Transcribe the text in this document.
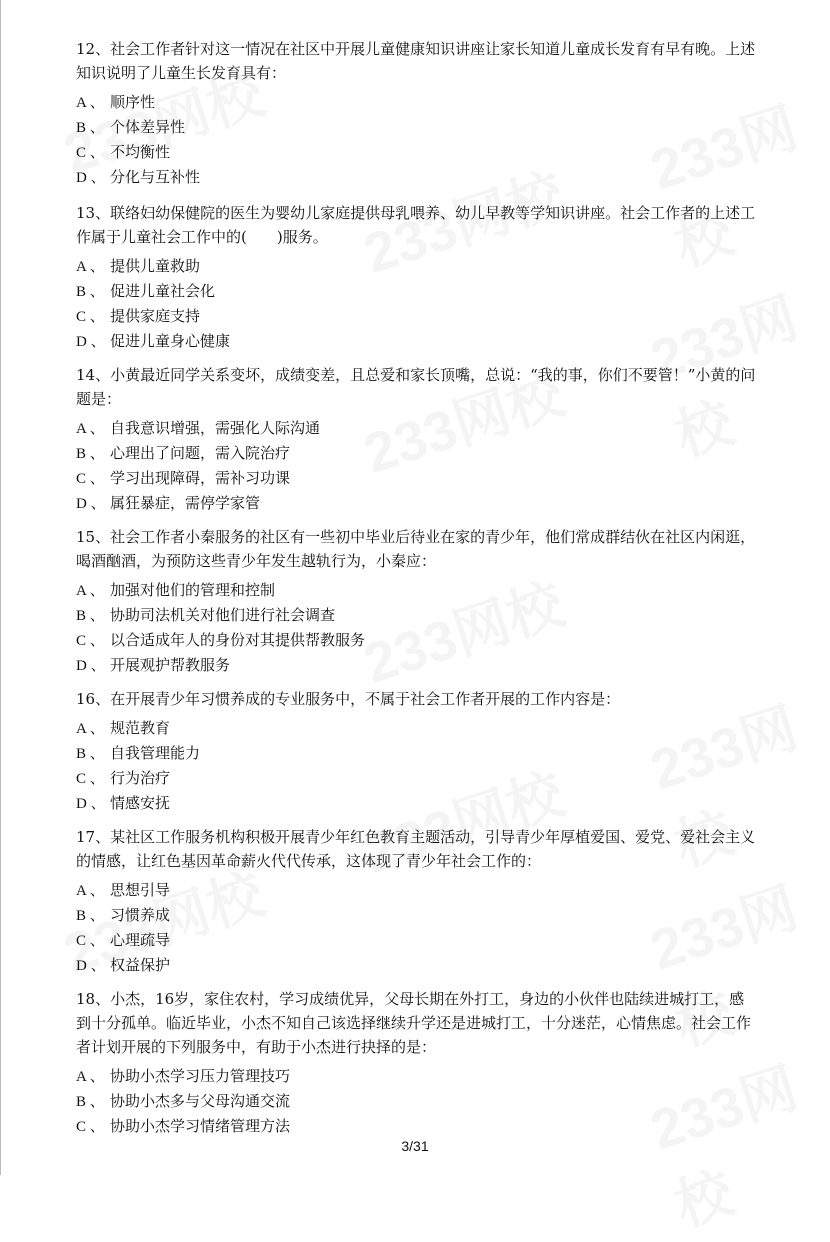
12、社会工作者针对这一情况在社区中开展儿童健康知识讲座让家长知道儿童成长发育有早有晚。上述知识说明了儿童生长发育具有：
A 、 顺序性
B 、 个体差异性
C 、 不均衡性
D 、 分化与互补性
13、联络妇幼保健院的医生为婴幼儿家庭提供母乳喂养、幼儿早教等学知识讲座。社会工作者的上述工作属于儿童社会工作中的(　　)服务。
A 、 提供儿童救助
B 、 促进儿童社会化
C 、 提供家庭支持
D 、 促进儿童身心健康
14、小黄最近同学关系变坏，成绩变差，且总爱和家长顶嘴，总说：“我的事，你们不要管！”小黄的问题是：
A 、 自我意识增强，需强化人际沟通
B 、 心理出了问题，需入院治疗
C 、 学习出现障碍，需补习功课
D 、 属狂暴症，需停学家管
15、社会工作者小秦服务的社区有一些初中毕业后待业在家的青少年，他们常成群结伙在社区内闲逛，喝酒酗酒，为预防这些青少年发生越轨行为，小秦应：
A 、 加强对他们的管理和控制
B 、 协助司法机关对他们进行社会调查
C 、 以合适成年人的身份对其提供帮教服务
D 、 开展观护帮教服务
16、在开展青少年习惯养成的专业服务中，不属于社会工作者开展的工作内容是：
A 、 规范教育
B 、 自我管理能力
C 、 行为治疗
D 、 情感安抚
17、某社区工作服务机构积极开展青少年红色教育主题活动，引导青少年厚植爱国、爱党、爱社会主义的情感，让红色基因革命薪火代代传承，这体现了青少年社会工作的：
A 、 思想引导
B 、 习惯养成
C 、 心理疏导
D 、 权益保护
18、小杰，16岁，家住农村，学习成绩优异，父母长期在外打工，身边的小伙伴也陆续进城打工，感到十分孤单。临近毕业，小杰不知自己该选择继续升学还是进城打工，十分迷茫，心情焦虑。社会工作者计划开展的下列服务中，有助于小杰进行抉择的是：
A 、 协助小杰学习压力管理技巧
B 、 协助小杰多与父母沟通交流
C 、 协助小杰学习情绪管理方法
3/31
